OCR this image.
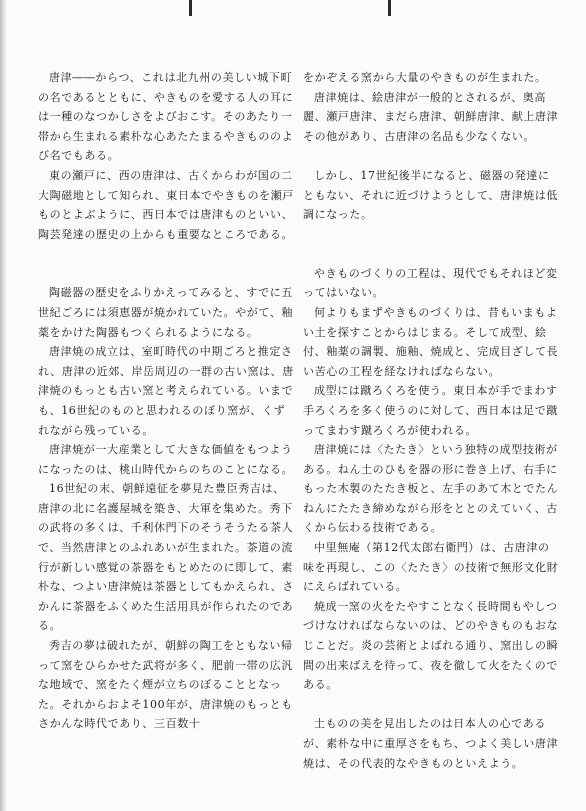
唐津――からつ、これは北九州の美しい城下町の名であるとともに、やきものを愛する人の耳には一種のなつかしさをよびおこす。そのあたり一帯から生まれる素朴な心あたたまるやきもののよび名でもある。

東の瀬戸に、西の唐津は、古くからわが国の二大陶磁地として知られ、東日本でやきものを瀬戸ものとよぶように、西日本では唐津ものといい、陶芸発達の歴史の上からも重要なところである。

陶磁器の歴史をふりかえってみると、すでに五世紀ごろには須恵器が焼かれていた。やがて、釉薬をかけた陶器もつくられるようになる。

唐津焼の成立は、室町時代の中期ごろと推定され、唐津の近郊、岸岳周辺の一群の古い窯は、唐津焼のもっとも古い窯と考えられている。いまでも、16世紀のものと思われるのぼり窯が、くずれながら残っている。

唐津焼が一大産業として大きな価値をもつようになったのは、桃山時代からのちのことになる。

16世紀の末、朝鮮遠征を夢見た豊臣秀吉は、唐津の北に名護屋城を築き、大軍を集めた。秀下の武将の多くは、千利休門下のそうそうたる茶人で、当然唐津とのふれあいが生まれた。茶道の流行が新しい感覚の茶器をもとめたのに即して、素朴な、つよい唐津焼は茶器としてもかえられ、さかんに茶器をふくめた生活用具が作られたのである。

秀吉の夢は破れたが、朝鮮の陶工をともない帰って窯をひらかせた武将が多く、肥前一帯の広汎な地域で、窯をたく煙が立ちのぼることとなった。それからおよそ100年が、唐津焼のもっともさかんな時代であり、三百数十

をかぞえる窯から大量のやきものが生まれた。

唐津焼は、絵唐津が一般的とされるが、奥高麗、瀬戸唐津、まだら唐津、朝鮮唐津、献上唐津その他があり、古唐津の名品も少なくない。

しかし、17世紀後半になると、磁器の発達にともない、それに近づけようとして、唐津焼は低調になった。

やきものづくりの工程は、現代でもそれほど変ってはいない。

何よりもまずやきものづくりは、昔もいまもよい土を探すことからはじまる。そして成型、絵付、釉薬の調製、施釉、焼成と、完成目ざして長い苦心の工程を経なければならない。

成型には蹴ろくろを使う。東日本が手でまわす手ろくろを多く使うのに対して、西日本は足で蹴ってまわす蹴ろくろが使われる。

唐津焼には〈たたき〉という独特の成型技術がある。ねん土のひもを器の形に巻き上げ、右手にもった木製のたたき板と、左手のあて木とでたんねんにたたき締めながら形をととのえていく、古くから伝わる技術である。

中里無庵（第12代太郎右衛門）は、古唐津の味を再現し、この〈たたき〉の技術で無形文化財にえらばれている。

焼成一窯の火をたやすことなく長時間もやしつづけなければならないのは、どのやきものもおなじことだ。炎の芸術とよばれる通り、窯出しの瞬間の出来ばえを待って、夜を徹して火をたくのである。

土ものの美を見出したのは日本人の心であるが、素朴な中に重厚さをもち、つよく美しい唐津焼は、その代表的なやきものといえよう。
